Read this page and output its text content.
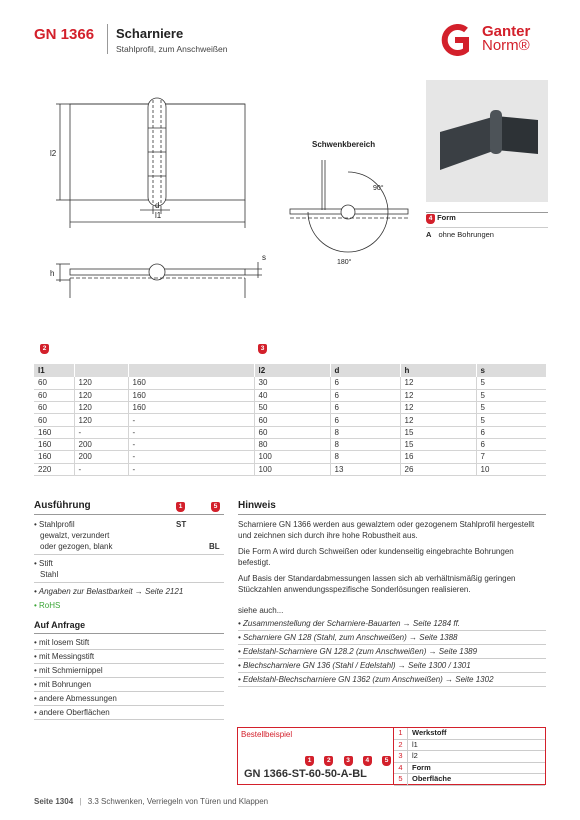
GN 1366 Scharniere
Stahlprofil, zum Anschweißen
Ganter
Norm®
l2
d
l1
h
s
Schwenkbereich
90°
180°
4 Form
A ohne Bohrungen
2	3
l1			l2	d	h	s
60	120	160	30	6	12	5
60	120	160	40	6	12	5
60	120	160	50	6	12	5
60	120	-	60	6	12	5
160	-	-	60	8	15	6
160	200	-	80	8	15	6
160	200	-	100	8	16	7
220	-	-	100	13	26	10
Ausführung	1	5
• Stahlprofil	ST
gewalzt, verzundert
oder gezogen, blank	BL
• Stift
Stahl
• Angaben zur Belastbarkeit → Seite 2121
• RoHS
Auf Anfrage
• mit losem Stift
• mit Messingstift
• mit Schmiernippel
• mit Bohrungen
• andere Abmessungen
• andere Oberflächen
Hinweis
Scharniere GN 1366 werden aus gewalztem oder gezogenem Stahlprofil hergestellt und zeichnen sich durch ihre hohe Robustheit aus.
Die Form A wird durch Schweißen oder kundenseitig eingebrachte Bohrungen befestigt.
Auf Basis der Standardabmessungen lassen sich ab verhältnismäßig geringen Stückzahlen anwendungsspezifische Sonderlösungen realisieren.
siehe auch...
• Zusammenstellung der Scharniere-Bauarten → Seite 1284 ff.
• Scharniere GN 128 (Stahl, zum Anschweißen) → Seite 1388
• Edelstahl-Scharniere GN 128.2 (zum Anschweißen) → Seite 1389
• Blechscharniere GN 136 (Stahl / Edelstahl) → Seite 1300 / 1301
• Edelstahl-Blechscharniere GN 1362 (zum Anschweißen) → Seite 1302
Bestellbeispiel
1	2	3	4	5
GN 1366-ST-60-50-A-BL
1	Werkstoff
2	l1
3	l2
4	Form
5	Oberfläche
Seite 1304 | 3.3 Schwenken, Verriegeln von Türen und Klappen
